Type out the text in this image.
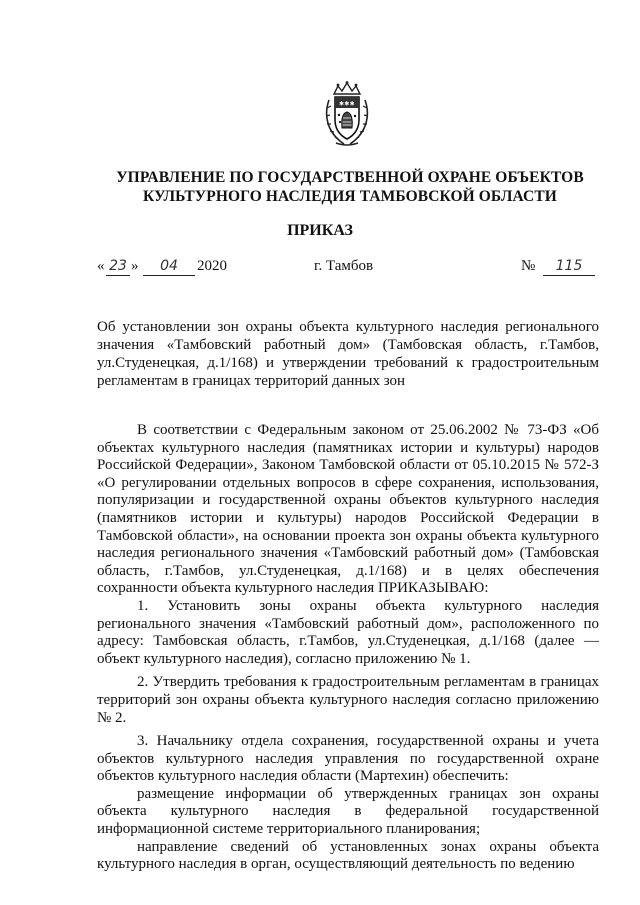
✱ ✱ ✱
УПРАВЛЕНИЕ ПО ГОСУДАРСТВЕННОЙ ОХРАНЕ ОБЪЕКТОВ
КУЛЬТУРНОГО НАСЛЕДИЯ ТАМБОВСКОЙ ОБЛАСТИ
ПРИКАЗ
« 23 »	04	2020	г. Тамбов	№	115
Об установлении зон охраны объекта культурного наследия регионального значения «Тамбовский работный дом» (Тамбовская область, г.Тамбов, ул.Студенецкая, д.1/168) и утверждении требований к градостроительным регламентам в границах территорий данных зон

В соответствии с Федеральным законом от 25.06.2002 № 73-ФЗ «Об объектах культурного наследия (памятниках истории и культуры) народов Российской Федерации», Законом Тамбовской области от 05.10.2015 № 572-З «О регулировании отдельных вопросов в сфере сохранения, использования, популяризации и государственной охраны объектов культурного наследия (памятников истории и культуры) народов Российской Федерации в Тамбовской области», на основании проекта зон охраны объекта культурного наследия регионального значения «Тамбовский работный дом» (Тамбовская область, г.Тамбов, ул.Студенецкая, д.1/168) и в целях обеспечения сохранности объекта культурного наследия ПРИКАЗЫВАЮ:

1. Установить зоны охраны объекта культурного наследия регионального значения «Тамбовский работный дом», расположенного по адресу: Тамбовская область, г.Тамбов, ул.Студенецкая, д.1/168 (далее — объект культурного наследия), согласно приложению № 1.

2. Утвердить требования к градостроительным регламентам в границах территорий зон охраны объекта культурного наследия согласно приложению № 2.

3. Начальнику отдела сохранения, государственной охраны и учета объектов культурного наследия управления по государственной охране объектов культурного наследия области (Мартехин) обеспечить:

размещение информации об утвержденных границах зон охраны объекта культурного наследия в федеральной государственной информационной системе территориального планирования;

направление сведений об установленных зонах охраны объекта культурного наследия в орган, осуществляющий деятельность по ведению
